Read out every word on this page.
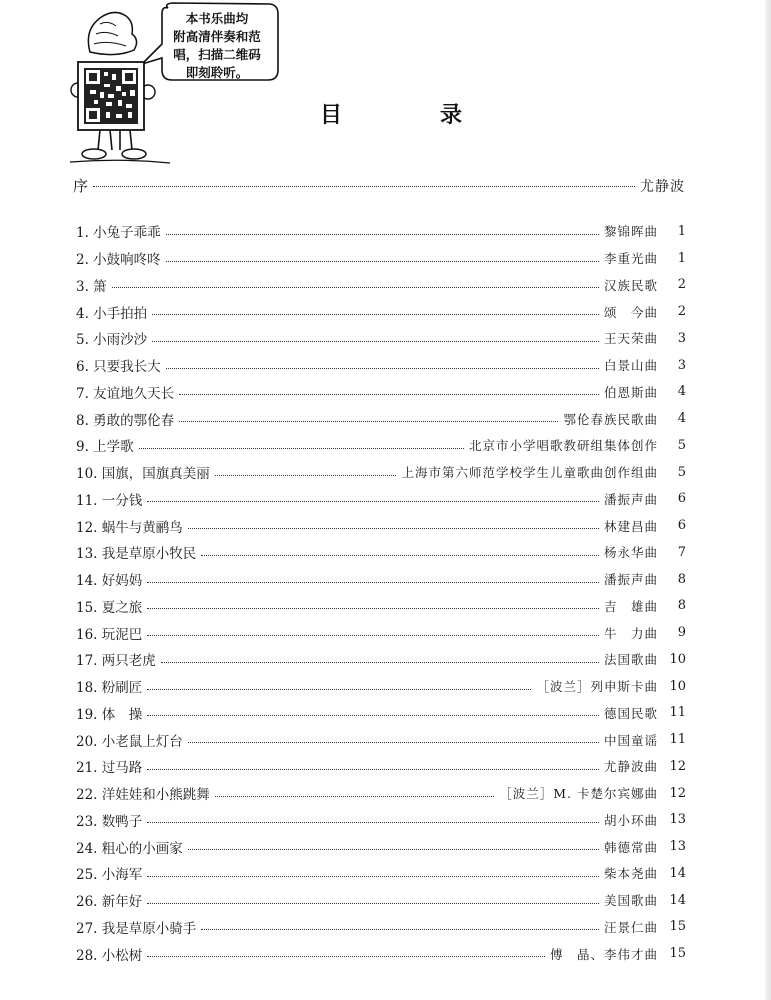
本书乐曲均
附高清伴奏和范
唱，扫描二维码
即刻聆听。
目　录
序	尤静波
1. 小兔子乖乖	黎锦晖曲	1
2. 小鼓响咚咚	李重光曲	1
3. 箫	汉族民歌	2
4. 小手拍拍	颂　今曲	2
5. 小雨沙沙	王天荣曲	3
6. 只要我长大	白景山曲	3
7. 友谊地久天长	伯恩斯曲	4
8. 勇敢的鄂伦春	鄂伦春族民歌曲	4
9. 上学歌	北京市小学唱歌教研组集体创作	5
10. 国旗，国旗真美丽	上海市第六师范学校学生儿童歌曲创作组曲	5
11. 一分钱	潘振声曲	6
12. 蜗牛与黄鹂鸟	林建昌曲	6
13. 我是草原小牧民	杨永华曲	7
14. 好妈妈	潘振声曲	8
15. 夏之旅	吉　雄曲	8
16. 玩泥巴	牛　力曲	9
17. 两只老虎	法国歌曲 10
18. 粉刷匠	［波兰］列申斯卡曲 10
19. 体　操	德国民歌 11
20. 小老鼠上灯台	中国童谣 11
21. 过马路	尤静波曲 12
22. 洋娃娃和小熊跳舞	［波兰］M. 卡楚尔宾娜曲 12
23. 数鸭子	胡小环曲 13
24. 粗心的小画家	韩德常曲 13
25. 小海军	柴本尧曲 14
26. 新年好	美国歌曲 14
27. 我是草原小骑手	汪景仁曲 15
28. 小松树	傅　晶、李伟才曲 15
